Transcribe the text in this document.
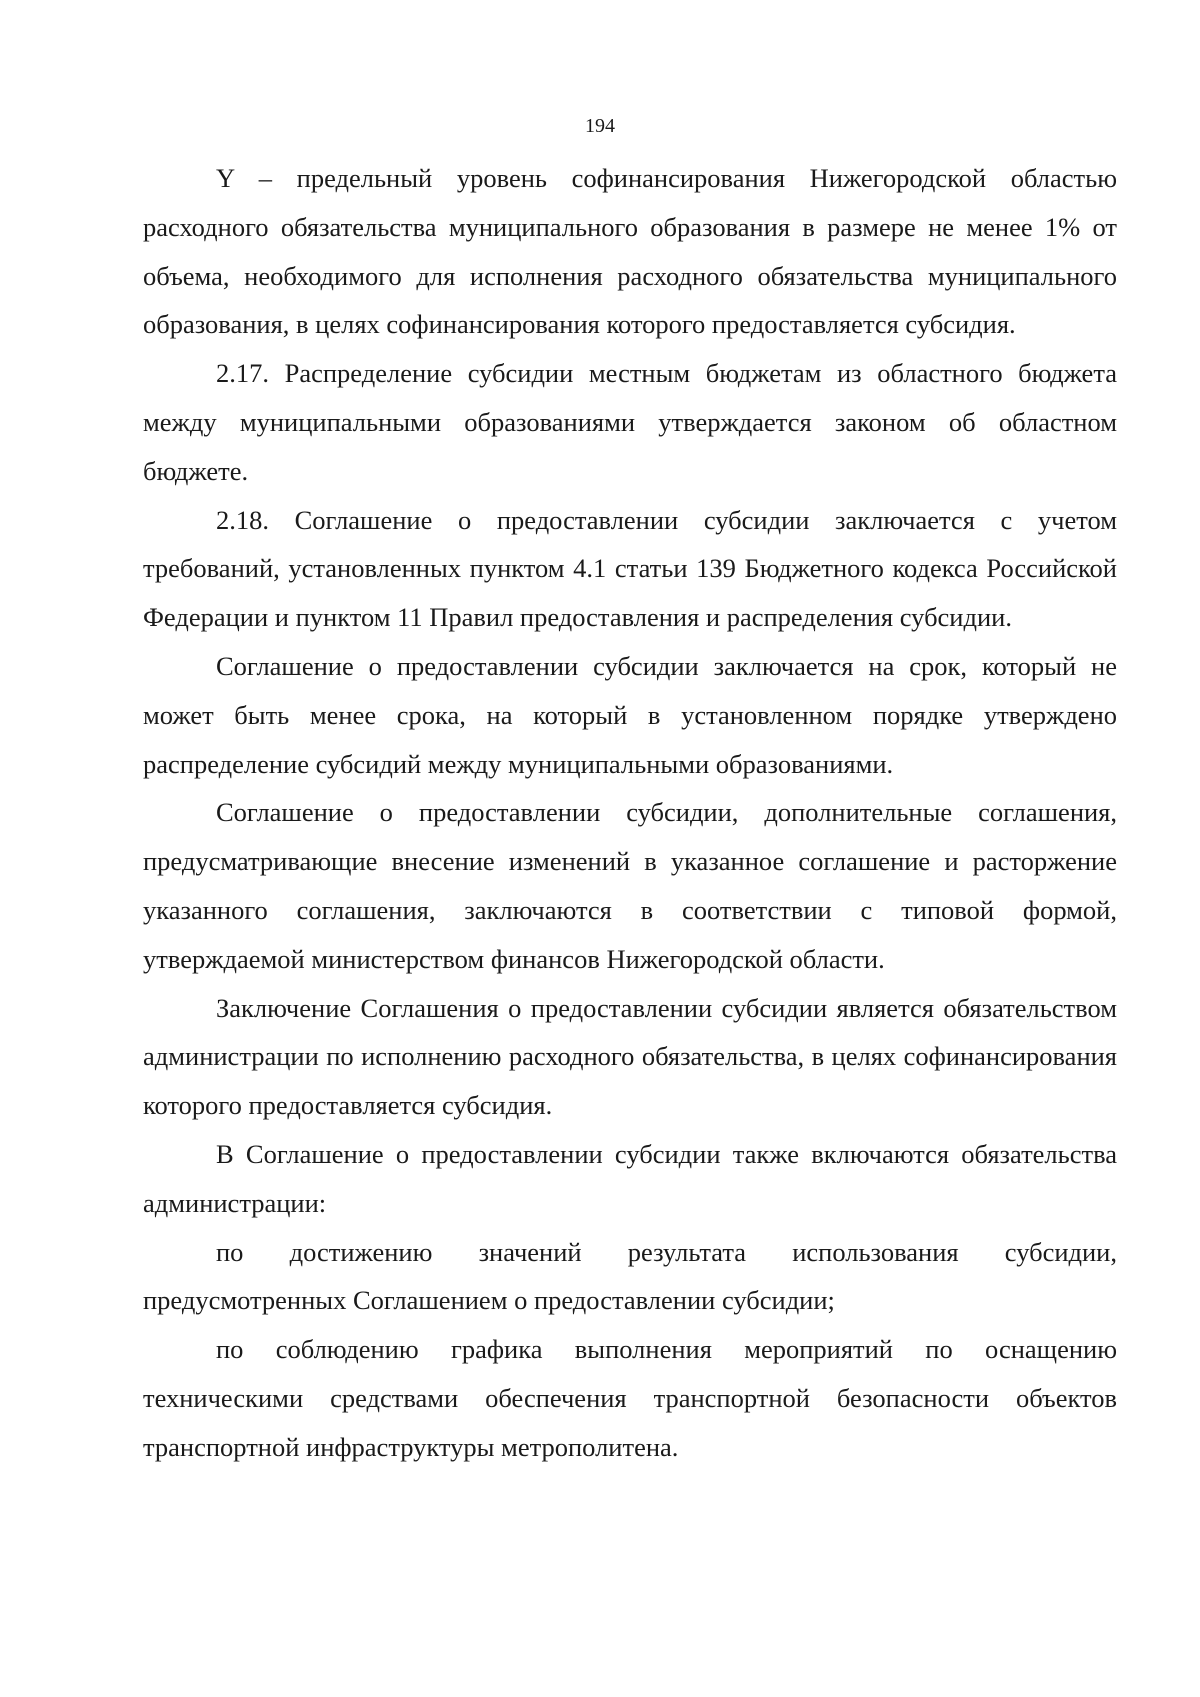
194

Y – предельный уровень софинансирования Нижегородской областью расходного обязательства муниципального образования в размере не менее 1% от объема, необходимого для исполнения расходного обязательства муниципального образования, в целях софинансирования которого предоставляется субсидия.

2.17. Распределение субсидии местным бюджетам из областного бюджета между муниципальными образованиями утверждается законом об областном бюджете.

2.18. Соглашение о предоставлении субсидии заключается с учетом требований, установленных пунктом 4.1 статьи 139 Бюджетного кодекса Российской Федерации и пунктом 11 Правил предоставления и распределения субсидии.

Соглашение о предоставлении субсидии заключается на срок, который не может быть менее срока, на который в установленном порядке утверждено распределение субсидий между муниципальными образованиями.

Соглашение о предоставлении субсидии, дополнительные соглашения, предусматривающие внесение изменений в указанное соглашение и расторжение указанного соглашения, заключаются в соответствии с типовой формой, утверждаемой министерством финансов Нижегородской области.

Заключение Соглашения о предоставлении субсидии является обязательством администрации по исполнению расходного обязательства, в целях софинансирования которого предоставляется субсидия.

В Соглашение о предоставлении субсидии также включаются обязательства администрации:

по достижению значений результата использования субсидии, предусмотренных Соглашением о предоставлении субсидии;

по соблюдению графика выполнения мероприятий по оснащению техническими средствами обеспечения транспортной безопасности объектов транспортной инфраструктуры метрополитена.
